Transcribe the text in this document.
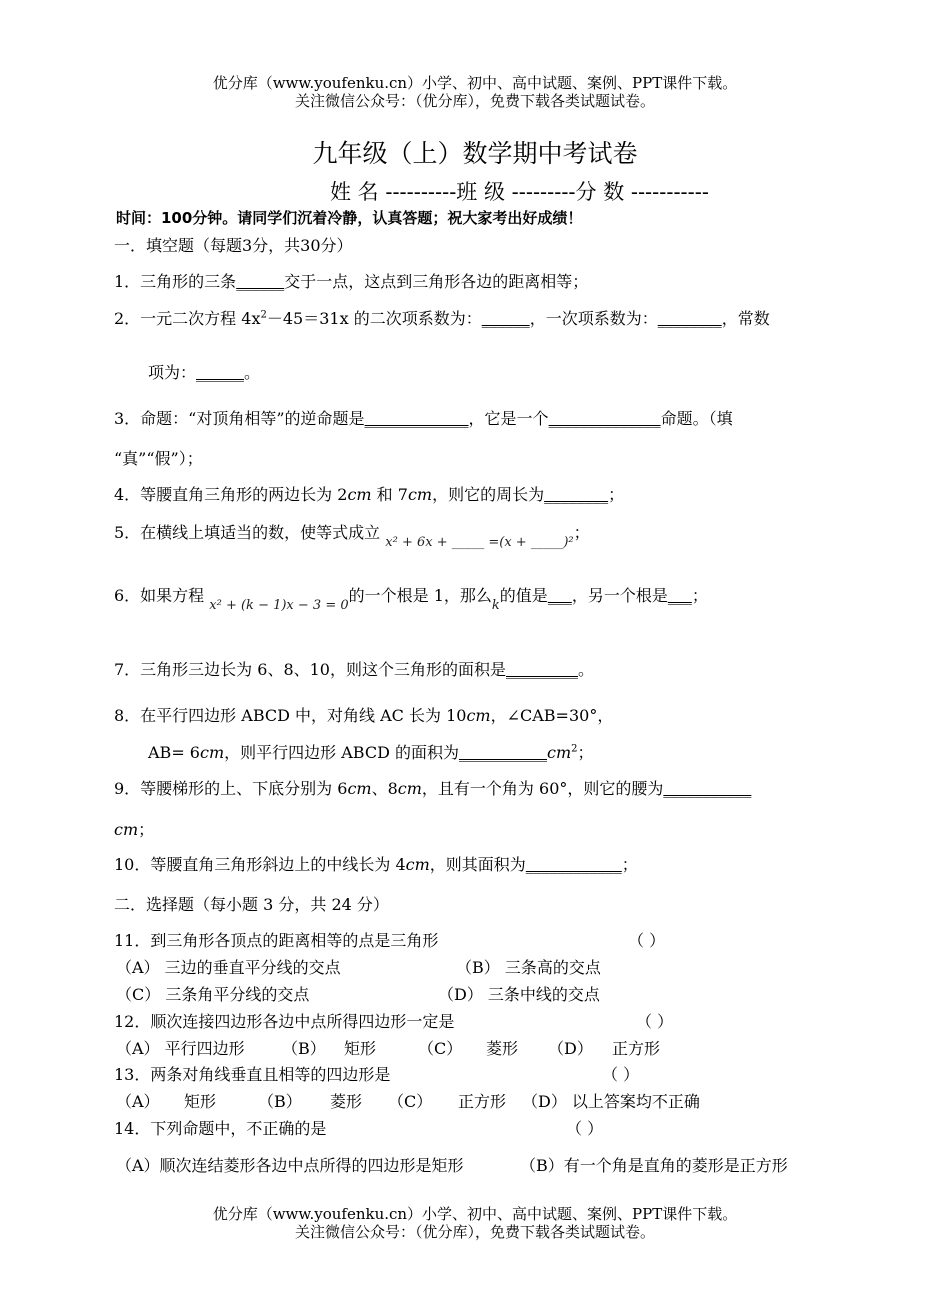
优分库（www.youfenku.cn）小学、初中、高中试题、案例、PPT课件下载。
关注微信公众号：（优分库），免费下载各类试题试卷。
九年级（上）数学期中考试卷
姓 名 ----------班 级 ---------分 数 -----------
时间：100分钟。请同学们沉着冷静，认真答题；祝大家考出好成绩！
一．填空题（每题3分，共30分）
1．三角形的三条______交于一点，这点到三角形各边的距离相等；
2．一元二次方程 $4x^2-45=31x$ 的二次项系数为：______，一次项系数为：________，常数
项为：______。
3．命题：“对顶角相等”的逆命题是_____________，它是一个______________命题。（填
“真”“假”）；
4．等腰直角三角形的两边长为 2cm 和 7cm，则它的周长为________；
5．在横线上填适当的数，使等式成立 $_{x^2 + 6x + \_\_\_\_\_ =(x + \_\_\_\_\_)^2}$；
6．如果方程 $_{x^2 + (k - 1)x - 3 = 0}$的一个根是 1，那么$_k$的值是___，另一个根是___；
7．三角形三边长为 6、8、10，则这个三角形的面积是_________。
8．在平行四边形 ABCD 中，对角线 AC 长为 10cm，∠CAB=30°，
AB= 6cm，则平行四边形 ABCD 的面积为$\_\_\_\_\_\_\_\_\_\_\_cm^2$；
9．等腰梯形的上、下底分别为 6cm、8cm，且有一个角为 60°，则它的腰为___________
cm；
10．等腰直角三角形斜边上的中线长为 4cm，则其面积为____________；
二．选择题（每小题 3 分，共 24 分）
11．到三角形各顶点的距离相等的点是三角形	（ ）
（A） 三边的垂直平分线的交点	（B） 三条高的交点
（C） 三条角平分线的交点	（D） 三条中线的交点
12．顺次连接四边形各边中点所得四边形一定是	（ ）
（A） 平行四边形 （B） 矩形	（C） 菱形 （D） 正方形
13．两条对角线垂直且相等的四边形是	（ ）
（A） 矩形	（B） 菱形 （C） 正方形 （D） 以上答案均不正确
14．下列命题中，不正确的是	（ ）
（A）顺次连结菱形各边中点所得的四边形是矩形	（B）有一个角是直角的菱形是正方形
优分库（www.youfenku.cn）小学、初中、高中试题、案例、PPT课件下载。
关注微信公众号：（优分库），免费下载各类试题试卷。
